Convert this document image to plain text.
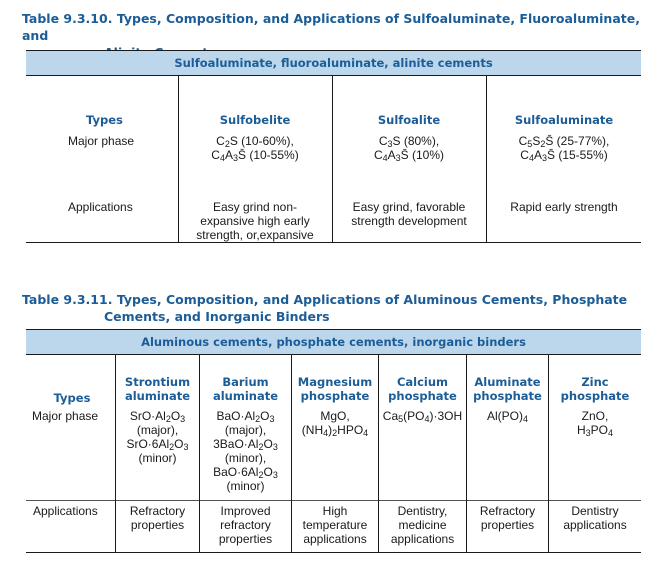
Table 9.3.10. Types, Composition, and Applications of Sulfoaluminate, Fluoroaluminate, and
Sulfoaluminate, fluoroaluminate, alinite cements
Types
Major phase
Applications
Sulfobelite
$C_2S$ (10-60%),
$C_4A_3S̄$ (10-55%)
Easy grind non-
expansive high early
strength, or,expansive
Sulfoalite
$C_3S$ (80%),
$C_4A_3S̄$ (10%)
Easy grind, favorable
strength development
Sulfoaluminate
$C_5S_2S̄$ (25-77%),
$C_4A_3S̄$ (15-55%)
Rapid early strength
Table 9.3.11. Types, Composition, and Applications of Aluminous Cements, Phosphate
Cements, and Inorganic Binders
Aluminous cements, phosphate cements, inorganic binders
Types
Major phase
Applications
Strontium
aluminate
$SrO\cdot Al_2O_3$
(major),
$SrO\cdot 6Al_2O_3$
(minor)
Refractory
properties
Barium
aluminate
$BaO\cdot Al_2O_3$
(major),
$3BaO\cdot Al_2O_3$
(minor),
$BaO\cdot 6Al_2O_3$
(minor)
Improved
refractory
properties
Magnesium
phosphate
MgO,
$(NH_4)_2HPO_4$
High
temperature
applications
Calcium
phosphate
$Ca_5(PO_4)\cdot 3OH$
Dentistry,
medicine
applications
Aluminate
phosphate
$Al(PO)_4$
Refractory
properties
Zinc
phosphate
ZnO,
$H_3PO_4$
Dentistry
applications
